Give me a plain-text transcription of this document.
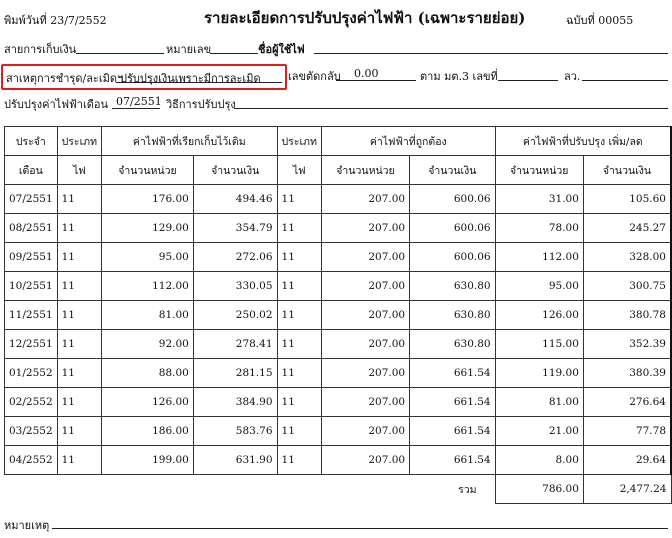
พิมพ์วันที่ 23/7/2552	รายละเอียดการปรับปรุงค่าไฟฟ้า (เฉพาะรายย่อย)	ฉบับที่ 00055
สายการเก็บเงิน	หมายเลข	ชื่อผู้ใช้ไฟ
สาเหตุการชำรุด/ละเมิดฯ
ปรับปรุงเงินเพราะมีการละเมิด เลขตัดกลับ 0.00	ตาม มต.3 เลขที่	ลว.
ปรับปรุงค่าไฟฟ้าเดือน 07/2551 วิธีการปรับปรุง
ประจำ	ประเภท	ค่าไฟฟ้าที่เรียกเก็บไว้เดิม		ประเภท	ค่าไฟฟ้าที่ถูกต้อง		ค่าไฟฟ้าที่ปรับปรุง เพิ่ม/ลด	
เดือน	ไฟ	จำนวนหน่วย	จำนวนเงิน	ไฟ	จำนวนหน่วย	จำนวนเงิน	จำนวนหน่วย	จำนวนเงิน
07/2551	11	176.00	494.46	11	207.00	600.06	31.00	105.60
08/2551	11	129.00	354.79	11	207.00	600.06	78.00	245.27
09/2551	11	95.00	272.06	11	207.00	600.06	112.00	328.00
10/2551	11	112.00	330.05	11	207.00	630.80	95.00	300.75
11/2551	11	81.00	250.02	11	207.00	630.80	126.00	380.78
12/2551	11	92.00	278.41	11	207.00	630.80	115.00	352.39
01/2552	11	88.00	281.15	11	207.00	661.54	119.00	380.39
02/2552	11	126.00	384.90	11	207.00	661.54	81.00	276.64
03/2552	11	186.00	583.76	11	207.00	661.54	21.00	77.78
04/2552	11	199.00	631.90	11	207.00	661.54	8.00	29.64
						รวม	786.00	2,477.24
หมายเหตุ
